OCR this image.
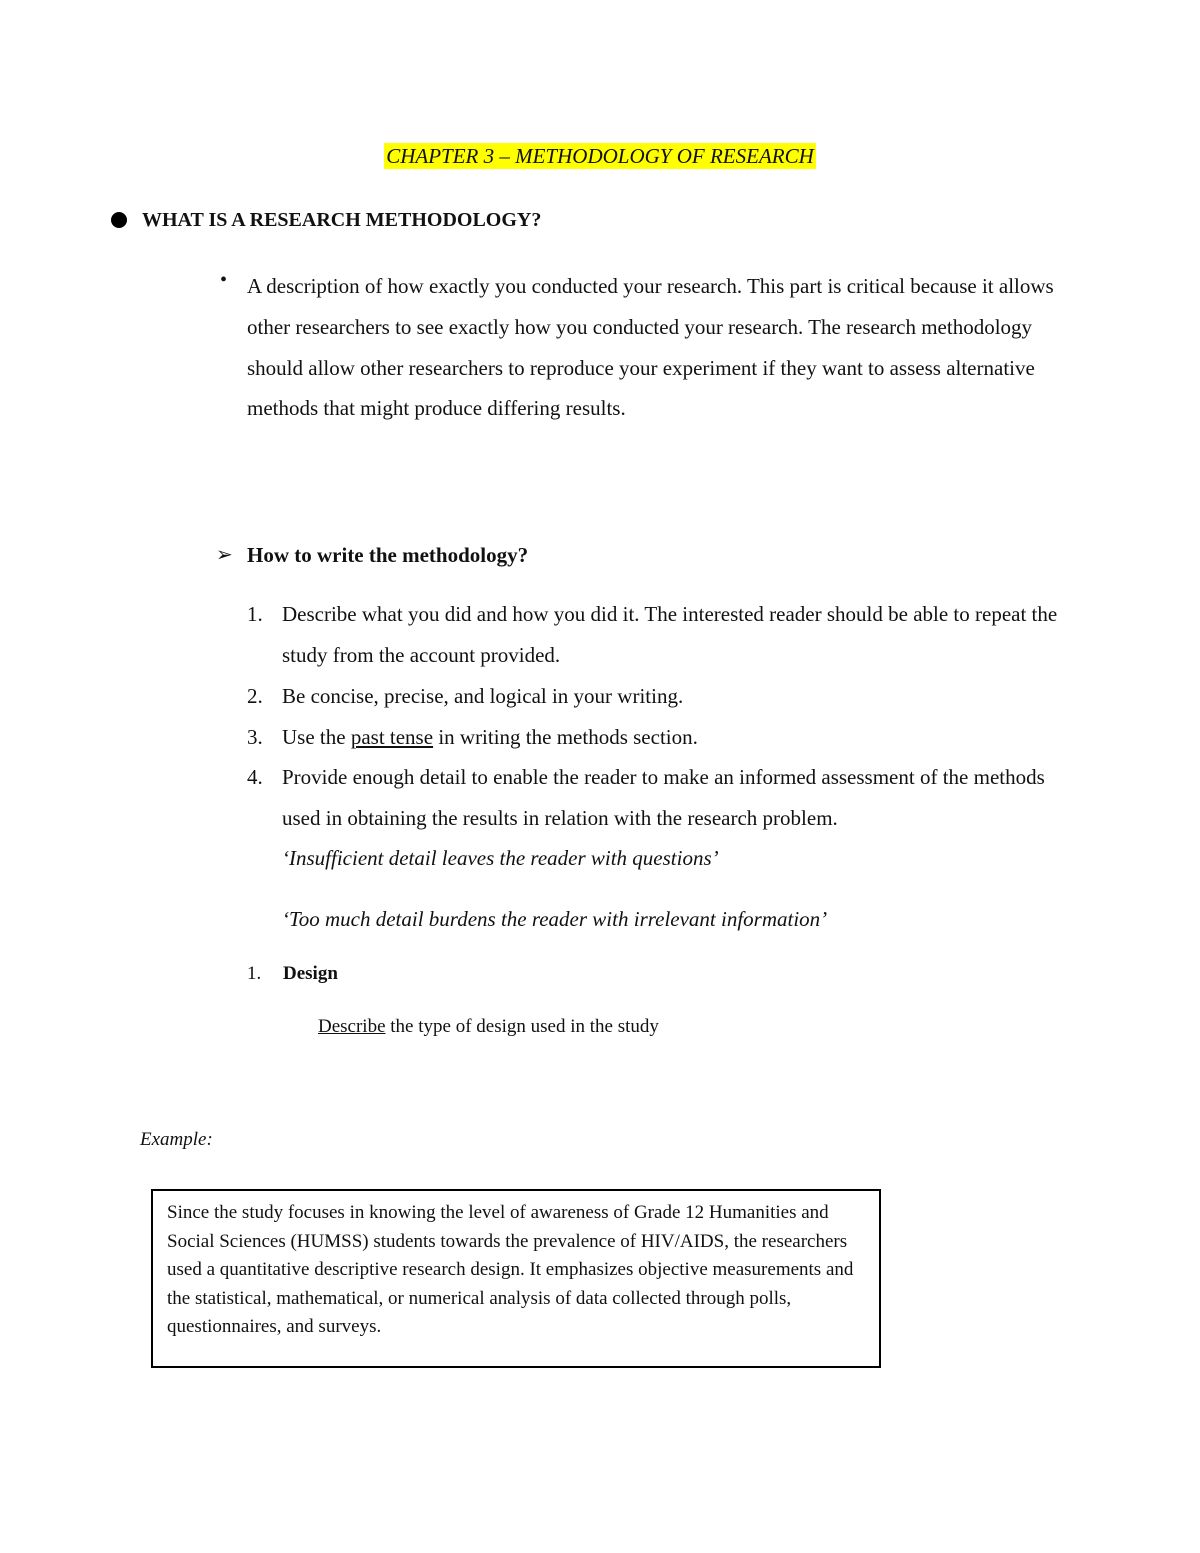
CHAPTER 3 – METHODOLOGY OF RESEARCH
WHAT IS A RESEARCH METHODOLOGY?
• A description of how exactly you conducted your research. This part is critical because it allows other researchers to see exactly how you conducted your research. The research methodology should allow other researchers to reproduce your experiment if they want to assess alternative methods that might produce differing results.
➢ How to write the methodology?
1. Describe what you did and how you did it. The interested reader should be able to repeat the study from the account provided.
2. Be concise, precise, and logical in your writing.
3. Use the past tense in writing the methods section.
4. Provide enough detail to enable the reader to make an informed assessment of the methods used in obtaining the results in relation with the research problem.
‘Insufficient detail leaves the reader with questions’
‘Too much detail burdens the reader with irrelevant information’
1. Design
Describe the type of design used in the study
Example:
Since the study focuses in knowing the level of awareness of Grade 12 Humanities and Social Sciences (HUMSS) students towards the prevalence of HIV/AIDS, the researchers used a quantitative descriptive research design. It emphasizes objective measurements and the statistical, mathematical, or numerical analysis of data collected through polls, questionnaires, and surveys.
